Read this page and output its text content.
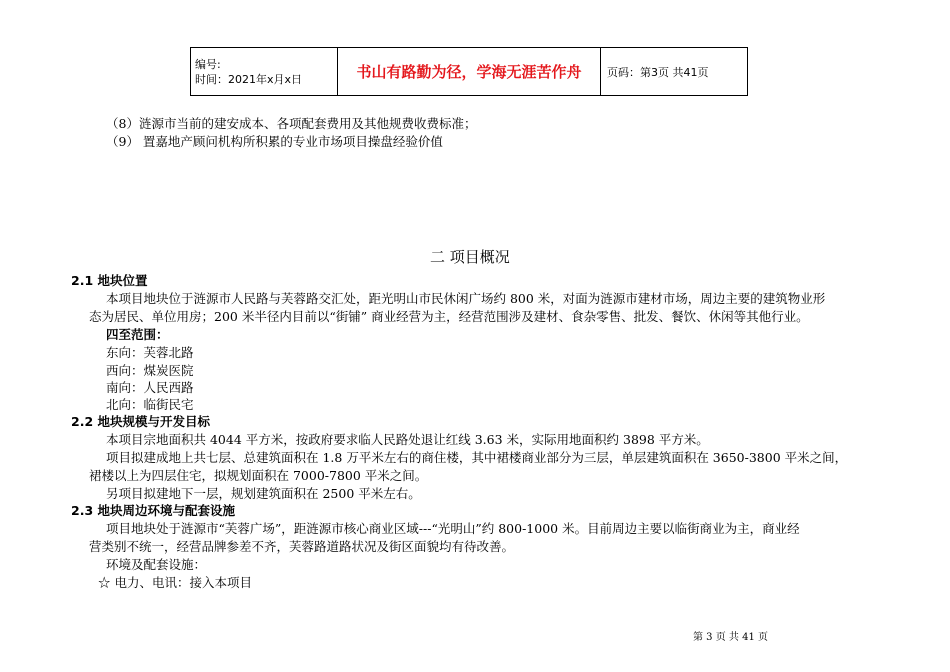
编号:
时间：2021年x月x日	书山有路勤为径，学海无涯苦作舟	页码：第3页 共41页
（8）涟源市当前的建安成本、各项配套费用及其他规费收费标准；
（9） 置嘉地产顾问机构所积累的专业市场项目操盘经验价值
二 项目概况
2.1 地块位置
本项目地块位于涟源市人民路与芙蓉路交汇处，距光明山市民休闲广场约 800 米，对面为涟源市建材市场，周边主要的建筑物业形
态为居民、单位用房；200 米半径内目前以“街铺” 商业经营为主，经营范围涉及建材、食杂零售、批发、餐饮、休闲等其他行业。
四至范围：
东向：芙蓉北路
西向：煤炭医院
南向：人民西路
北向：临街民宅
2.2 地块规模与开发目标
本项目宗地面积共 4044 平方米，按政府要求临人民路处退让红线 3.63 米，实际用地面积约 3898 平方米。
项目拟建成地上共七层、总建筑面积在 1.8 万平米左右的商住楼，其中裙楼商业部分为三层，单层建筑面积在 3650-3800 平米之间，
裙楼以上为四层住宅，拟规划面积在 7000-7800 平米之间。
另项目拟建地下一层，规划建筑面积在 2500 平米左右。
2.3 地块周边环境与配套设施
项目地块处于涟源市“芙蓉广场”，距涟源市核心商业区域---“光明山”约 800-1000 米。目前周边主要以临街商业为主，商业经
营类别不统一，经营品牌参差不齐，芙蓉路道路状况及街区面貌均有待改善。
环境及配套设施：
☆ 电力、电讯：接入本项目
第 3 页 共 41 页
